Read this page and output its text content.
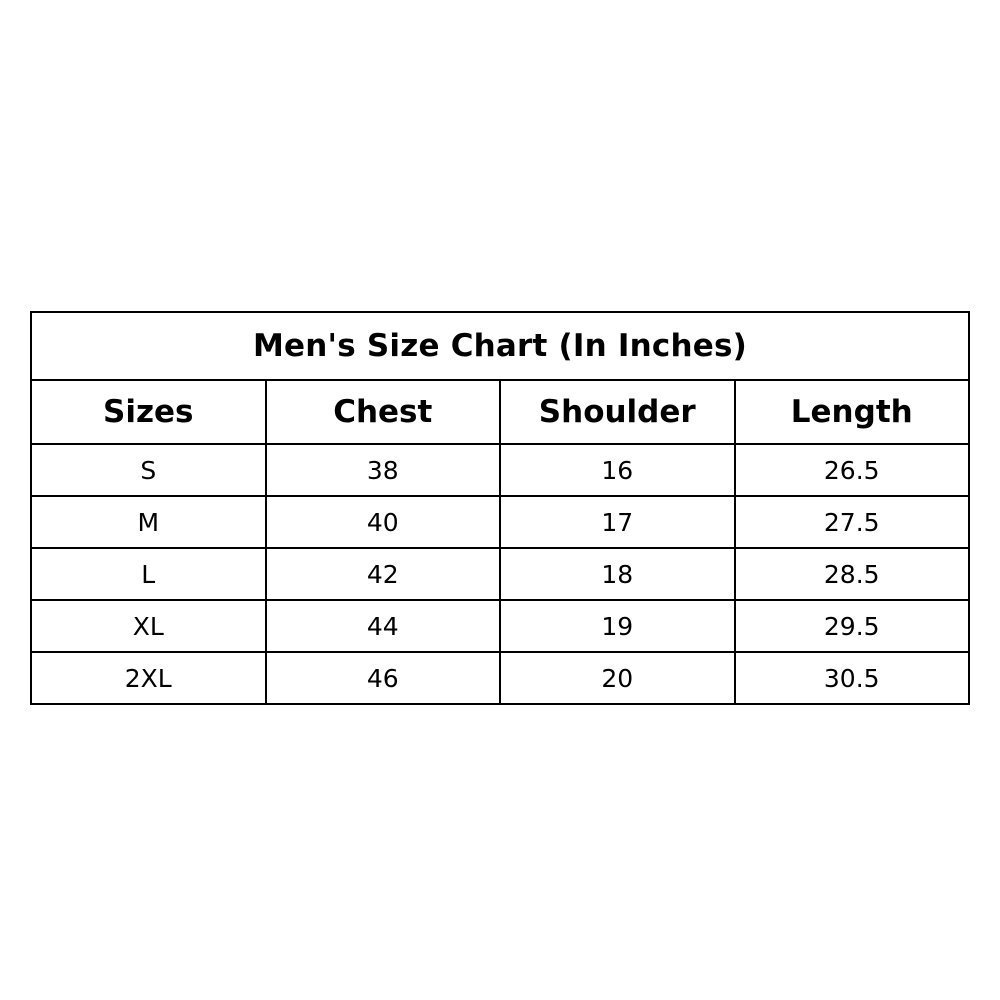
Men's Size Chart (In Inches)			
Sizes	Chest	Shoulder	Length
S	38	16	26.5
M	40	17	27.5
L	42	18	28.5
XL	44	19	29.5
2XL	46	20	30.5
